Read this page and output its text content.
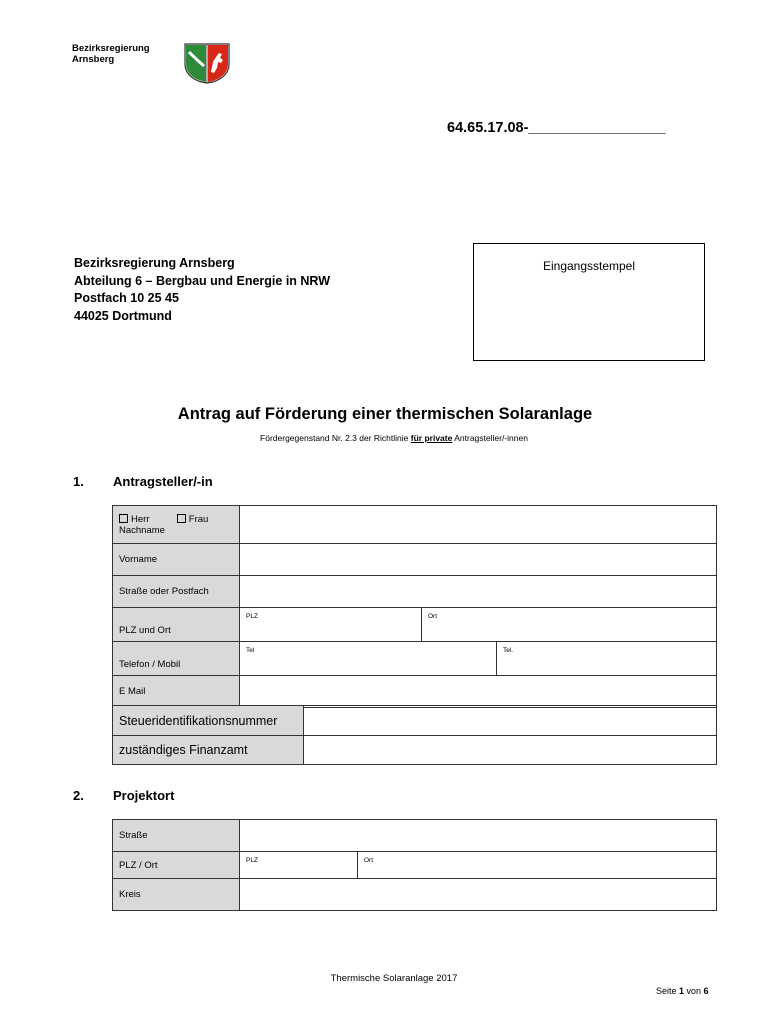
Bezirksregierung
Arnsberg
64.65.17.08-_________________
Bezirksregierung Arnsberg
Abteilung 6 – Bergbau und Energie in NRW
Postfach 10 25 45
44025 Dortmund
Eingangsstempel
Antrag auf Förderung einer thermischen Solaranlage
Fördergegenstand Nr. 2.3 der Richtlinie für private Antragsteller/-innen
1. Antragsteller/-in
Herr Frau
Nachname			

Vorname			
Straße oder Postfach			
PLZ und Ort	PLZ	Ort	
Telefon / Mobil	Tel		Tel.
E Mail			
Steueridentifikationsnummer	
zuständiges Finanzamt	
2. Projektort
Straße		
PLZ / Ort	PLZ	Ort
Kreis		
Thermische Solaranlage 2017
Seite 1 von 6
